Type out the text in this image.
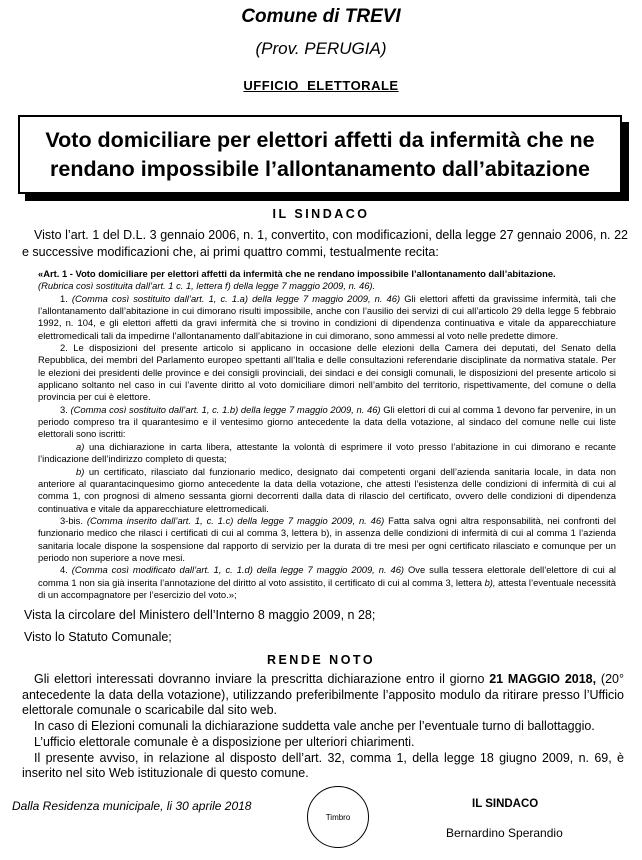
Comune di TREVI
(Prov. PERUGIA)
UFFICIO  ELETTORALE
Voto domiciliare per elettori affetti da infermità che ne rendano impossibile l’allontanamento dall’abitazione
IL SINDACO
Visto l’art. 1 del D.L. 3 gennaio 2006, n. 1, convertito, con modificazioni, della legge 27 gennaio 2006, n. 22 e successive modificazioni che, ai primi quattro commi, testualmente recita:

«Art. 1 - Voto domiciliare per elettori affetti da infermità che ne rendano impossibile l’allontanamento dall’abitazione.

(Rubrica così sostituita dall’art. 1 c. 1, lettera f) della legge 7 maggio 2009, n. 46).

1. (Comma così sostituito dall’art. 1, c. 1.a) della legge 7 maggio 2009, n. 46) Gli elettori affetti da gravissime infermità, tali che l’allontanamento dall’abitazione in cui dimorano risulti impossibile, anche con l’ausilio dei servizi di cui all’articolo 29 della legge 5 febbraio 1992, n. 104, e gli elettori affetti da gravi infermità che si trovino in condizioni di dipendenza continuativa e vitale da apparecchiature elettromedicali tali da impedirne l’allontanamento dall’abitazione in cui dimorano, sono ammessi al voto nelle predette dimore.

2. Le disposizioni del presente articolo si applicano in occasione delle elezioni della Camera dei deputati, del Senato della Repubblica, dei membri del Parlamento europeo spettanti all’Italia e delle consultazioni referendarie disciplinate da normativa statale. Per le elezioni dei presidenti delle province e dei consigli provinciali, dei sindaci e dei consigli comunali, le disposizioni del presente articolo si applicano soltanto nel caso in cui l’avente diritto al voto domiciliare dimori nell’ambito del territorio, rispettivamente, del comune o della provincia per cui è elettore.

3. (Comma così sostituito dall’art. 1, c. 1.b) della legge 7 maggio 2009, n. 46) Gli elettori di cui al comma 1 devono far pervenire, in un periodo compreso tra il quarantesimo e il ventesimo giorno antecedente la data della votazione, al sindaco del comune nelle cui liste elettorali sono iscritti:

a) una dichiarazione in carta libera, attestante la volontà di esprimere il voto presso l’abitazione in cui dimorano e recante l’indicazione dell’indirizzo completo di questa;

b) un certificato, rilasciato dal funzionario medico, designato dai competenti organi dell’azienda sanitaria locale, in data non anteriore al quarantacinquesimo giorno antecedente la data della votazione, che attesti l’esistenza delle condizioni di infermità di cui al comma 1, con prognosi di almeno sessanta giorni decorrenti dalla data di rilascio del certificato, ovvero delle condizioni di dipendenza continuativa e vitale da apparecchiature elettromedicali.

3-bis. (Comma inserito dall’art. 1, c. 1.c) della legge 7 maggio 2009, n. 46) Fatta salva ogni altra responsabilità, nei confronti del funzionario medico che rilasci i certificati di cui al comma 3, lettera b), in assenza delle condizioni di infermità di cui al comma 1 l’azienda sanitaria locale dispone la sospensione dal rapporto di servizio per la durata di tre mesi per ogni certificato rilasciato e comunque per un periodo non superiore a nove mesi.

4. (Comma così modificato dall’art. 1, c. 1.d) della legge 7 maggio 2009, n. 46) Ove sulla tessera elettorale dell’elettore di cui al comma 1 non sia già inserita l’annotazione del diritto al voto assistito, il certificato di cui al comma 3, lettera b), attesta l’eventuale necessità di un accompagnatore per l’esercizio del voto.»;

Vista la circolare del Ministero dell’Interno 8 maggio 2009, n 28;
Visto lo Statuto Comunale;
RENDE NOTO

Gli elettori interessati dovranno inviare la prescritta dichiarazione entro il giorno 21 MAGGIO 2018, (20° antecedente la data della votazione), utilizzando preferibilmente l’apposito modulo da ritirare presso l’Ufficio elettorale comunale o scaricabile dal sito web.

In caso di Elezioni comunali la dichiarazione suddetta vale anche per l’eventuale turno di ballottaggio.

L’ufficio elettorale comunale è a disposizione per ulteriori chiarimenti.

Il presente avviso, in relazione al disposto dell’art. 32, comma 1, della legge 18 giugno 2009, n. 69, è inserito nel sito Web istituzionale di questo comune.

Dalla Residenza municipale, li 30 aprile 2018
Timbro
IL SINDACO
Bernardino Sperandio
